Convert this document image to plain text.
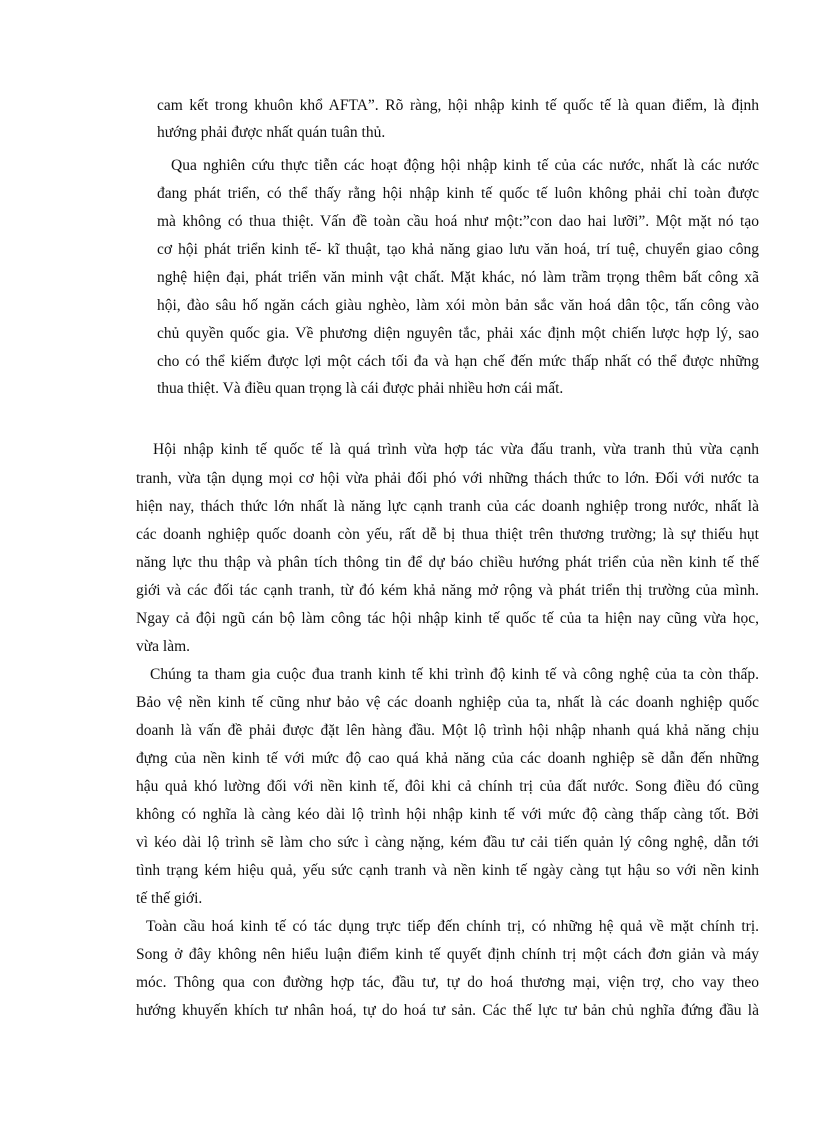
cam kết trong khuôn khổ AFTA”. Rõ ràng, hội nhập kinh tế quốc tế là quan điểm, là định
hướng phải được nhất quán tuân thủ.
Qua nghiên cứu thực tiễn các hoạt động hội nhập kinh tế của các nước, nhất là các nước
đang phát triển, có thể thấy rằng hội nhập kinh tế quốc tế luôn không phải chỉ toàn được
mà không có thua thiệt. Vấn đề toàn cầu hoá như một:”con dao hai lưỡi”. Một mặt nó tạo
cơ hội phát triển kinh tế- kĩ thuật, tạo khả năng giao lưu văn hoá, trí tuệ, chuyển giao công
nghệ hiện đại, phát triển văn minh vật chất. Mặt khác, nó làm trầm trọng thêm bất công xã
hội, đào sâu hố ngăn cách giàu nghèo, làm xói mòn bản sắc văn hoá dân tộc, tấn công vào
chủ quyền quốc gia. Về phương diện nguyên tắc, phải xác định một chiến lược hợp lý, sao
cho có thể kiếm được lợi một cách tối đa và hạn chế đến mức thấp nhất có thể được những
thua thiệt. Và điều quan trọng là cái được phải nhiều hơn cái mất.
Hội nhập kinh tế quốc tế là quá trình vừa hợp tác vừa đấu tranh, vừa tranh thủ vừa cạnh
tranh, vừa tận dụng mọi cơ hội vừa phải đối phó với những thách thức to lớn. Đối với nước ta
hiện nay, thách thức lớn nhất là năng lực cạnh tranh của các doanh nghiệp trong nước, nhất là
các doanh nghiệp quốc doanh còn yếu, rất dễ bị thua thiệt trên thương trường; là sự thiếu hụt
năng lực thu thập và phân tích thông tin để dự báo chiều hướng phát triển của nền kinh tế thế
giới và các đối tác cạnh tranh, từ đó kém khả năng mở rộng và phát triển thị trường của mình.
Ngay cả đội ngũ cán bộ làm công tác hội nhập kinh tế quốc tế của ta hiện nay cũng vừa học,
vừa làm.
Chúng ta tham gia cuộc đua tranh kinh tế khi trình độ kinh tế và công nghệ của ta còn thấp.
Bảo vệ nền kinh tế cũng như bảo vệ các doanh nghiệp của ta, nhất là các doanh nghiệp quốc
doanh là vấn đề phải được đặt lên hàng đầu. Một lộ trình hội nhập nhanh quá khả năng chịu
đựng của nền kinh tế với mức độ cao quá khả năng của các doanh nghiệp sẽ dẫn đến những
hậu quả khó lường đối với nền kinh tế, đôi khi cả chính trị của đất nước. Song điều đó cũng
không có nghĩa là càng kéo dài lộ trình hội nhập kinh tế với mức độ càng thấp càng tốt. Bởi
vì kéo dài lộ trình sẽ làm cho sức ì càng nặng, kém đầu tư cải tiến quản lý công nghệ, dẫn tới
tình trạng kém hiệu quả, yếu sức cạnh tranh và nền kinh tế ngày càng tụt hậu so với nền kinh
tế thế giới.
Toàn cầu hoá kinh tế có tác dụng trực tiếp đến chính trị, có những hệ quả về mặt chính trị.
Song ở đây không nên hiểu luận điểm kinh tế quyết định chính trị một cách đơn giản và máy
móc. Thông qua con đường hợp tác, đầu tư, tự do hoá thương mại, viện trợ, cho vay theo
hướng khuyến khích tư nhân hoá, tự do hoá tư sản. Các thế lực tư bản chủ nghĩa đứng đầu là
